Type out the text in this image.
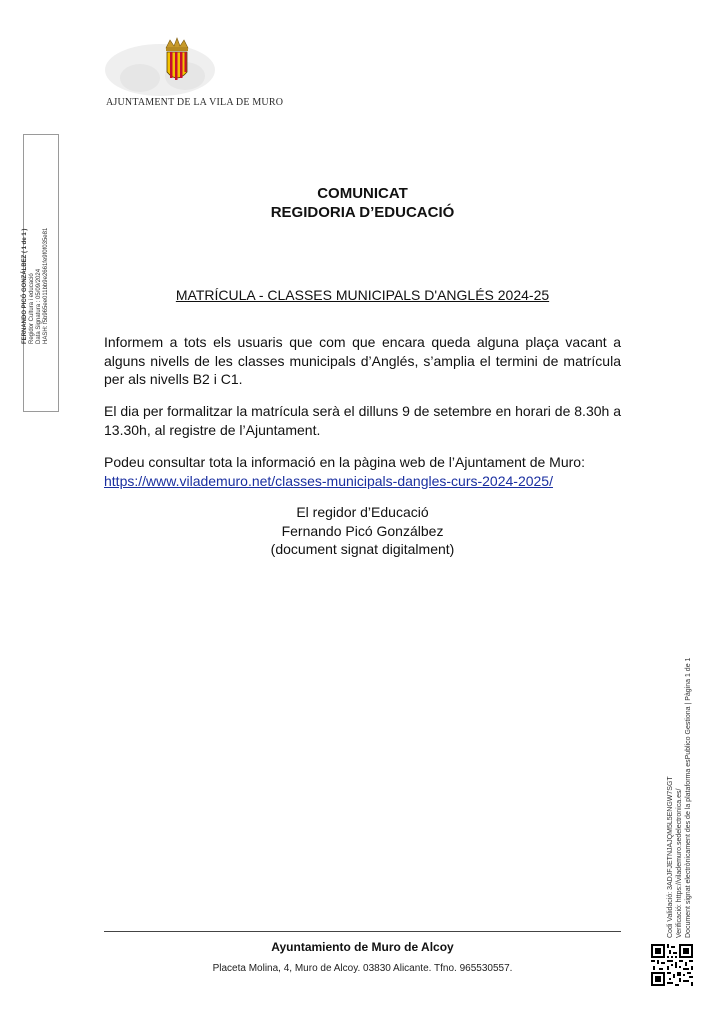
AJUNTAMENT DE LA VILA DE MURO
FERNANDO PICÓ GONZÁLBEZ ( 1 de 1 ) Regidor Cultura i educació Data Signatura : 05/09/2024 HASH: f5b965ee011bb9e2661fe9f0f035e81
COMUNICAT
REGIDORIA D’EDUCACIÓ
MATRÍCULA - CLASSES MUNICIPALS D'ANGLÉS 2024-25
Informem a tots els usuaris que com que encara queda alguna plaça vacant a alguns nivells de les classes municipals d’Anglés, s’amplia el termini de matrícula per als nivells B2 i C1.
El dia per formalitzar la matrícula serà el dilluns 9 de setembre en horari de 8.30h a 13.30h, al registre de l’Ajuntament.
Podeu consultar tota la informació en la pàgina web de l’Ajuntament de Muro:
https://www.vilademuro.net/classes-municipals-dangles-curs-2024-2025/
El regidor d’Educació
Fernando Picó Gonzálbez
(document signat digitalment)
Ayuntamiento de Muro de Alcoy
Placeta Molina, 4, Muro de Alcoy. 03830 Alicante. Tfno. 965530557.
Codi Validació: 3ADJFJETNJAJQM5L5ENGW7SGT Verificació: https://vilademuro.sedelectronica.es/ Document signat electrònicament des de la plataforma esPublico Gestiona | Pàgina 1 de 1
